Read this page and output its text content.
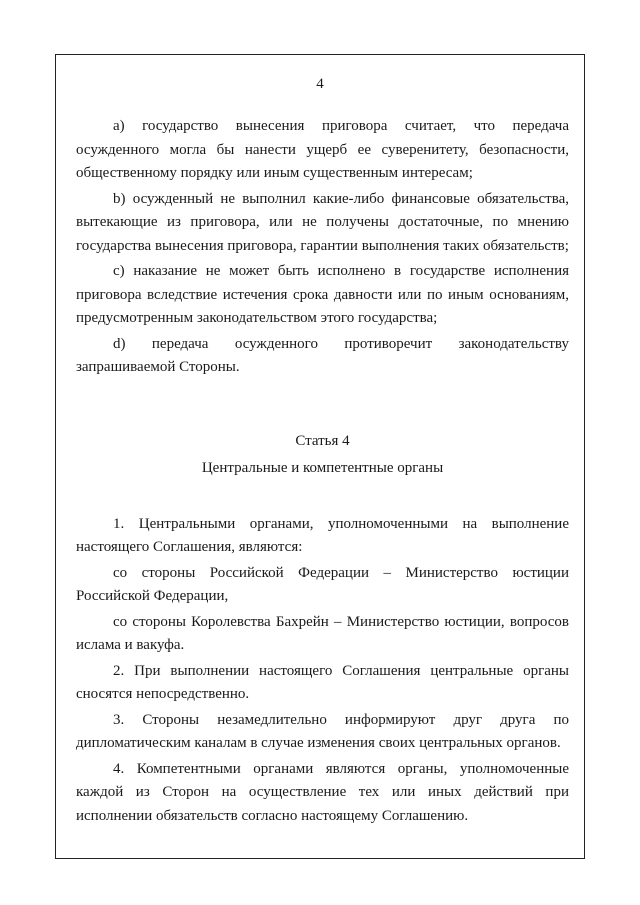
4

a) государство вынесения приговора считает, что передача осужденного могла бы нанести ущерб ее суверенитету, безопасности, общественному порядку или иным существенным интересам;

b) осужденный не выполнил какие-либо финансовые обязательства, вытекающие из приговора, или не получены достаточные, по мнению государства вынесения приговора, гарантии выполнения таких обязательств;

c) наказание не может быть исполнено в государстве исполнения приговора вследствие истечения срока давности или по иным основаниям, предусмотренным законодательством этого государства;

d) передача осужденного противоречит законодательству запрашиваемой Стороны.

Статья 4
Центральные и компетентные органы

1. Центральными органами, уполномоченными на выполнение настоящего Соглашения, являются:

со стороны Российской Федерации – Министерство юстиции Российской Федерации,

со стороны Королевства Бахрейн – Министерство юстиции, вопросов ислама и вакуфа.

2. При выполнении настоящего Соглашения центральные органы сносятся непосредственно.

3. Стороны незамедлительно информируют друг друга по дипломатическим каналам в случае изменения своих центральных органов.

4. Компетентными органами являются органы, уполномоченные каждой из Сторон на осуществление тех или иных действий при исполнении обязательств согласно настоящему Соглашению.
